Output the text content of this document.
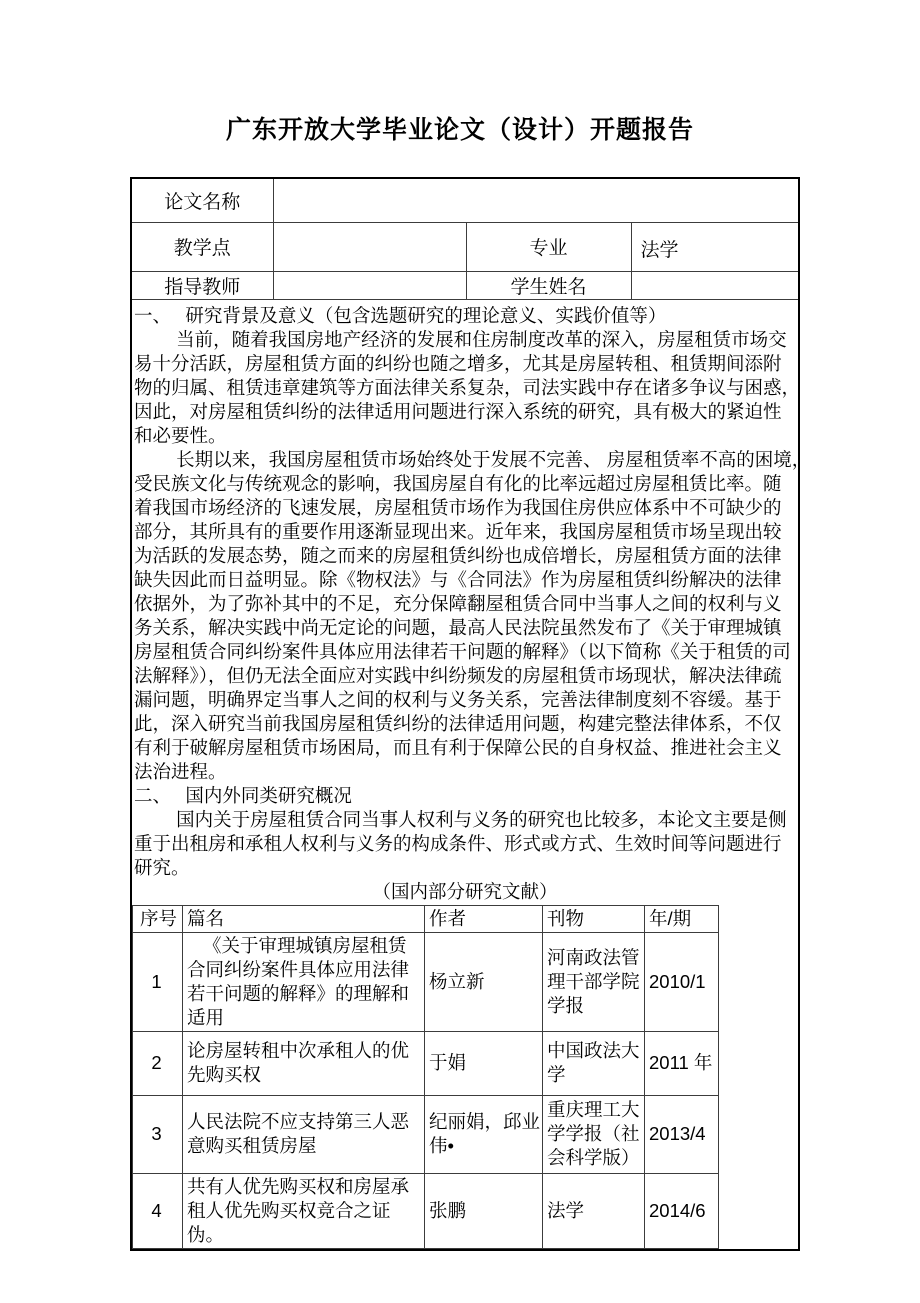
广东开放大学毕业论文（设计）开题报告
论文名称	
教学点		专业	法学
指导教师		学生姓名	

一、　 研究背景及意义（包含选题研究的理论意义、实践价值等）
　　 当前，随着我国房地产经济的发展和住房制度改革的深入，房屋租赁市场交
易十分活跃，房屋租赁方面的纠纷也随之增多，尤其是房屋转租、租赁期间添附
物的归属、租赁违章建筑等方面法律关系复杂，司法实践中存在诸多争议与困惑，
因此，对房屋租赁纠纷的法律适用问题进行深入系统的研究，具有极大的紧迫性
和必要性。
　　 长期以来，我国房屋租赁市场始终处于发展不完善、 房屋租赁率不高的困境，
受民族文化与传统观念的影响，我国房屋自有化的比率远超过房屋租赁比率。随
着我国市场经济的飞速发展，房屋租赁市场作为我国住房供应体系中不可缺少的
部分，其所具有的重要作用逐渐显现出来。近年来，我国房屋租赁市场呈现出较
为活跃的发展态势，随之而来的房屋租赁纠纷也成倍增长，房屋租赁方面的法律
缺失因此而日益明显。除《物权法》与《合同法》作为房屋租赁纠纷解决的法律
依据外，为了弥补其中的不足，充分保障翻屋租赁合同中当事人之间的权利与义
务关系，解决实践中尚无定论的问题，最高人民法院虽然发布了《关于审理城镇
房屋租赁合同纠纷案件具体应用法律若干问题的解释》（以下简称《关于租赁的司
法解释》），但仍无法全面应对实践中纠纷频发的房屋租赁市场现状，解决法律疏
漏问题，明确界定当事人之间的权利与义务关系，完善法律制度刻不容缓。基于
此，深入研究当前我国房屋租赁纠纷的法律适用问题，构建完整法律体系，不仅
有利于破解房屋租赁市场困局，而且有利于保障公民的自身权益、推进社会主义
法治进程。
二、　 国内外同类研究概况
　　 国内关于房屋租赁合同当事人权利与义务的研究也比较多，本论文主要是侧
重于出租房和承租人权利与义务的构成条件、形式或方式、生效时间等问题进行
研究。
（国内部分研究文献）
序号	篇名	作者	刊物	年/期
1	《关于审理城镇房屋租赁合同纠纷案件具体应用法律若干问题的解释》的理解和适用	杨立新	河南政法管理干部学院学报	2010/1
2	论房屋转租中次承租人的优先购买权	于娟	中国政法大学	2011 年
3	人民法院不应支持第三人恶意购买租赁房屋	纪丽娟，邱业伟•	重庆理工大学学报（社会科学版）	2013/4
4	共有人优先购买权和房屋承租人优先购买权竞合之证伪。	张鹏	法学	2014/6
